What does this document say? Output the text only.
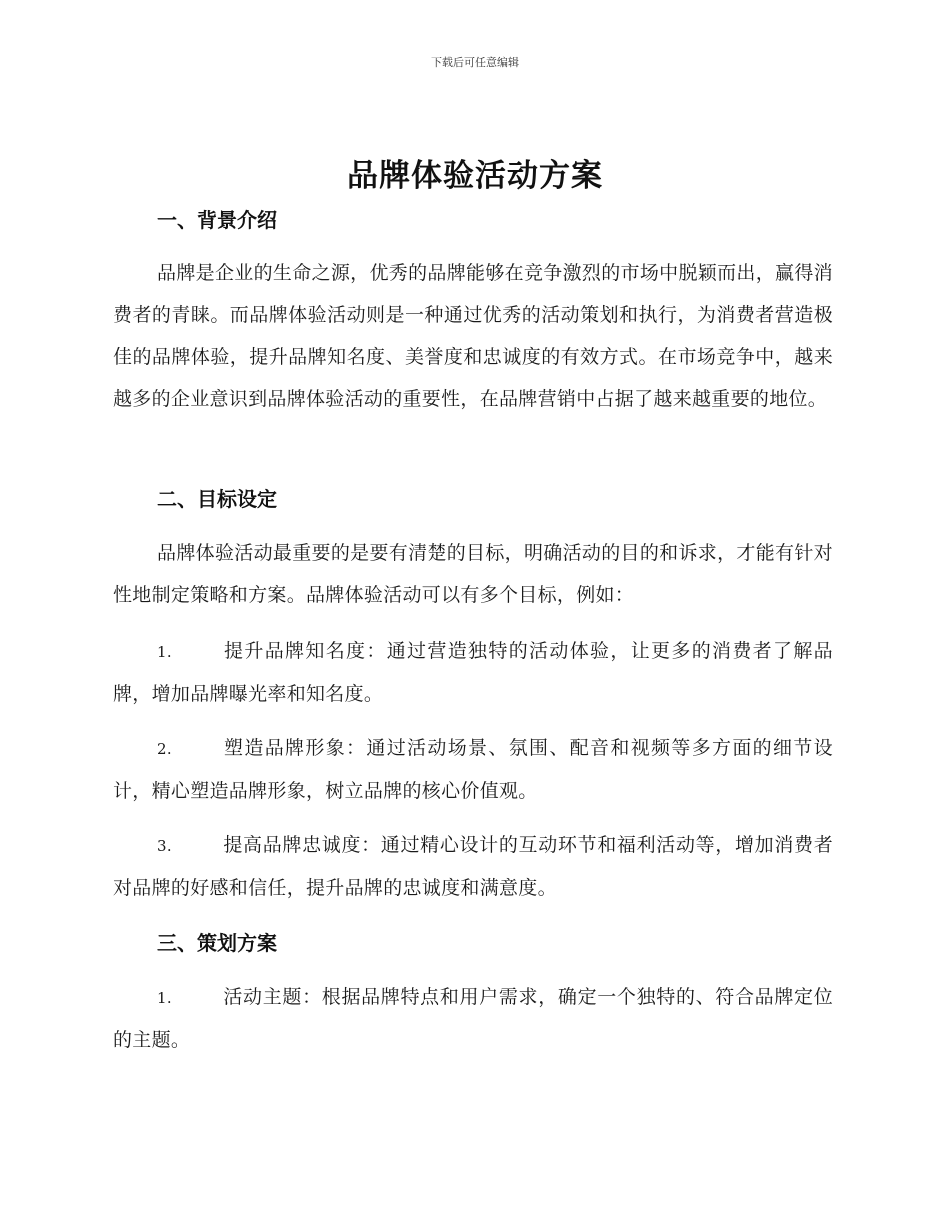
下载后可任意编辑
品牌体验活动方案

一、背景介绍

品牌是企业的生命之源，优秀的品牌能够在竞争激烈的市场中脱颖而出，赢得消费者的青睐。而品牌体验活动则是一种通过优秀的活动策划和执行，为消费者营造极佳的品牌体验，提升品牌知名度、美誉度和忠诚度的有效方式。在市场竞争中，越来越多的企业意识到品牌体验活动的重要性，在品牌营销中占据了越来越重要的地位。

二、目标设定

品牌体验活动最重要的是要有清楚的目标，明确活动的目的和诉求，才能有针对性地制定策略和方案。品牌体验活动可以有多个目标，例如：

1.	提升品牌知名度：通过营造独特的活动体验，让更多的消费者了解品牌，增加品牌曝光率和知名度。

2.	塑造品牌形象：通过活动场景、氛围、配音和视频等多方面的细节设计，精心塑造品牌形象，树立品牌的核心价值观。

3.	提高品牌忠诚度：通过精心设计的互动环节和福利活动等，增加消费者对品牌的好感和信任，提升品牌的忠诚度和满意度。

三、策划方案

1.	活动主题：根据品牌特点和用户需求，确定一个独特的、符合品牌定位的主题。
